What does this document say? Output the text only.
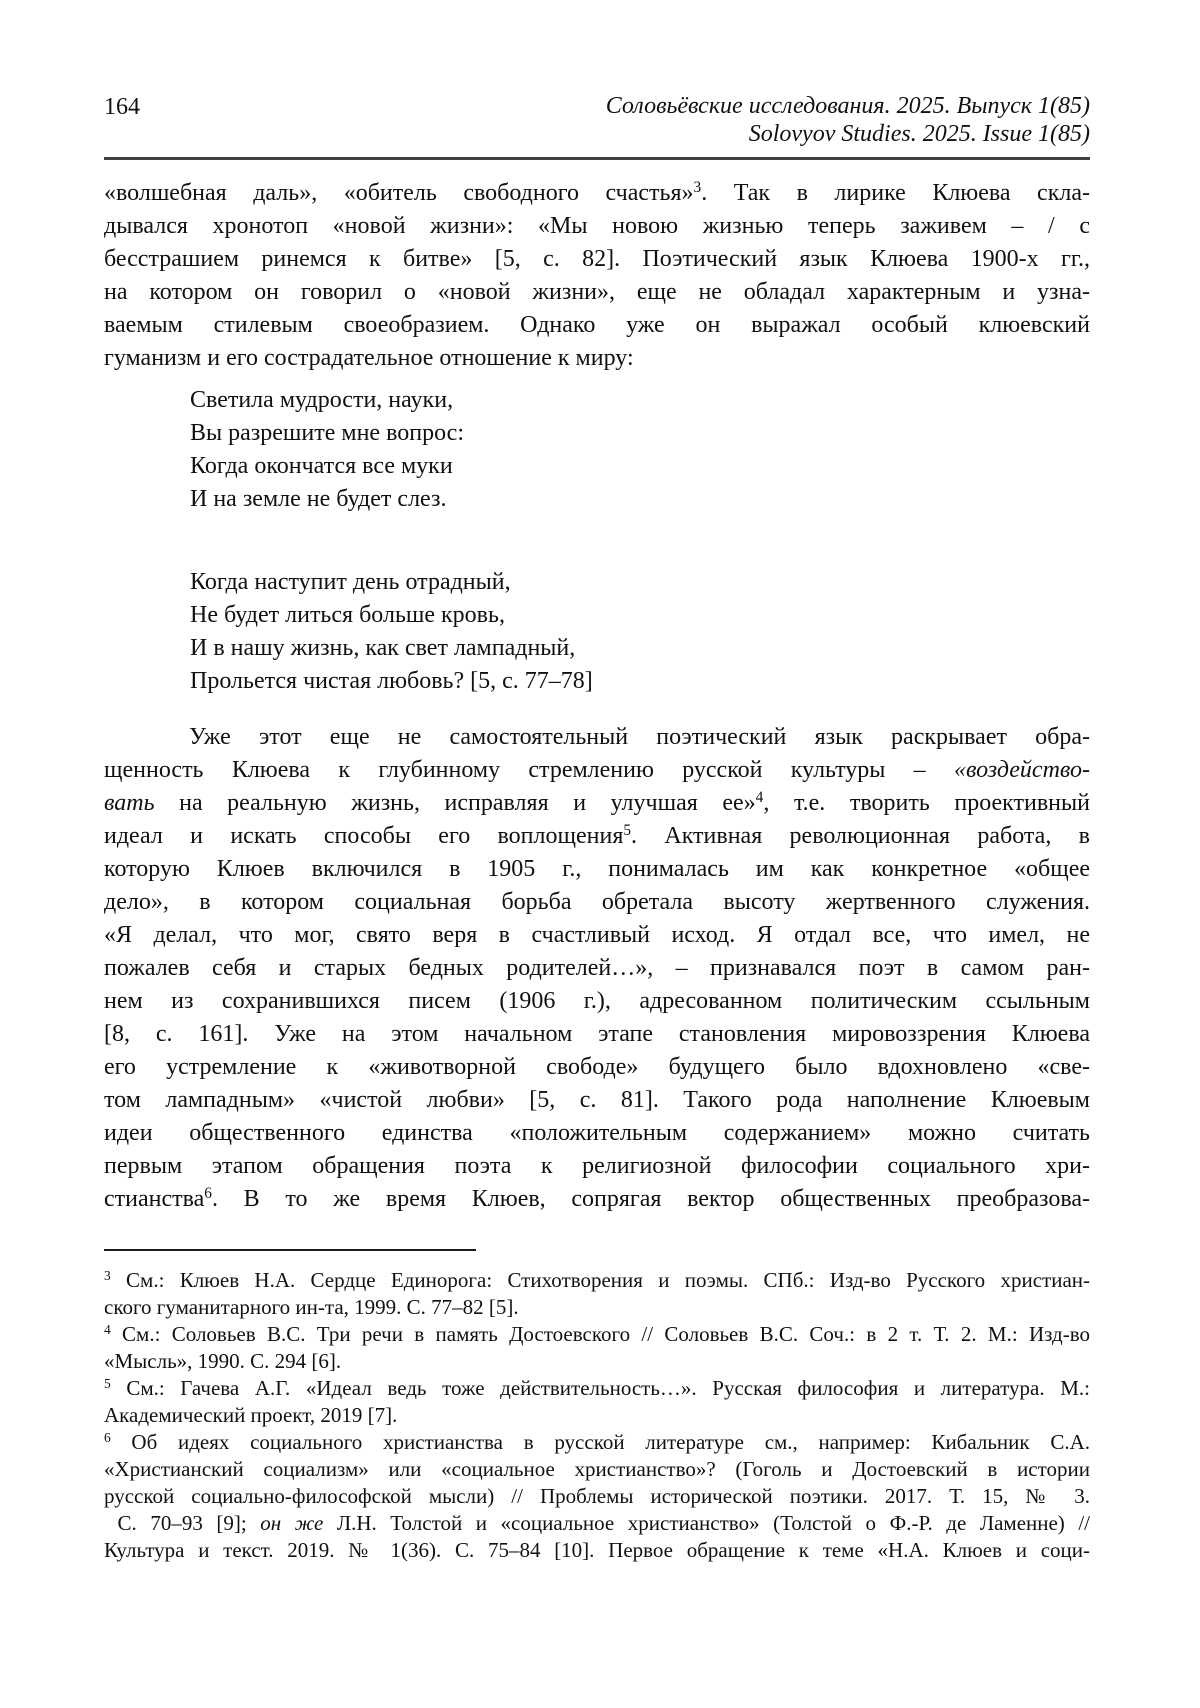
164	Соловьёвские исследования. 2025. Выпуск 1(85)
Solovyov Studies. 2025. Issue 1(85)
«волшебная даль», «обитель свободного счастья»$^3$. Так в лирике Клюева скла-
дывался хронотоп «новой жизни»: «Мы новою жизнью теперь заживем – / с
бесстрашием ринемся к битве» [5, с. 82]. Поэтический язык Клюева 1900-х гг.,
на котором он говорил о «новой жизни», еще не обладал характерным и узна-
ваемым стилевым своеобразием. Однако уже он выражал особый клюевский
гуманизм и его сострадательное отношение к миру:
Светила мудрости, науки,
Вы разрешите мне вопрос:
Когда окончатся все муки
И на земле не будет слез.
Когда наступит день отрадный,
Не будет литься больше кровь,
И в нашу жизнь, как свет лампадный,
Прольется чистая любовь? [5, с. 77–78]
Уже этот еще не самостоятельный поэтический язык раскрывает обра-
щенность Клюева к глубинному стремлению русской культуры – «воздейство-
вать на реальную жизнь, исправляя и улучшая ее»$^4$, т.е. творить проективный
идеал и искать способы его воплощения$^5$. Активная революционная работа, в
которую Клюев включился в 1905 г., понималась им как конкретное «общее
дело», в котором социальная борьба обретала высоту жертвенного служения.
«Я делал, что мог, свято веря в счастливый исход. Я отдал все, что имел, не
пожалев себя и старых бедных родителей…», – признавался поэт в самом ран-
нем из сохранившихся писем (1906 г.), адресованном политическим ссыльным
[8, с. 161]. Уже на этом начальном этапе становления мировоззрения Клюева
его устремление к «животворной свободе» будущего было вдохновлено «све-
том лампадным» «чистой любви» [5, с. 81]. Такого рода наполнение Клюевым
идеи общественного единства «положительным содержанием» можно считать
первым этапом обращения поэта к религиозной философии социального хри-
стианства$^6$. В то же время Клюев, сопрягая вектор общественных преобразова-
$^3$ См.: Клюев Н.А. Сердце Единорога: Стихотворения и поэмы. СПб.: Изд-во Русского христиан-
ского гуманитарного ин-та, 1999. С. 77–82 [5].
$^4$ См.: Соловьев В.С. Три речи в память Достоевского // Соловьев В.С. Соч.: в 2 т. Т. 2. М.: Изд-во
«Мысль», 1990. С. 294 [6].
$^5$ См.: Гачева А.Г. «Идеал ведь тоже действительность…». Русская философия и литература. М.:
Академический проект, 2019 [7].
$^6$ Об идеях социального христианства в русской литературе см., например: Кибальник С.А.
«Христианский социализм» или «социальное христианство»? (Гоголь и Достоевский в истории
русской социально-философской мысли) // Проблемы исторической поэтики. 2017. Т. 15, № 3.
С. 70–93 [9]; он же Л.Н. Толстой и «социальное христианство» (Толстой о Ф.-Р. де Ламенне) //
Культура и текст. 2019. № 1(36). С. 75–84 [10]. Первое обращение к теме «Н.А. Клюев и соци-
